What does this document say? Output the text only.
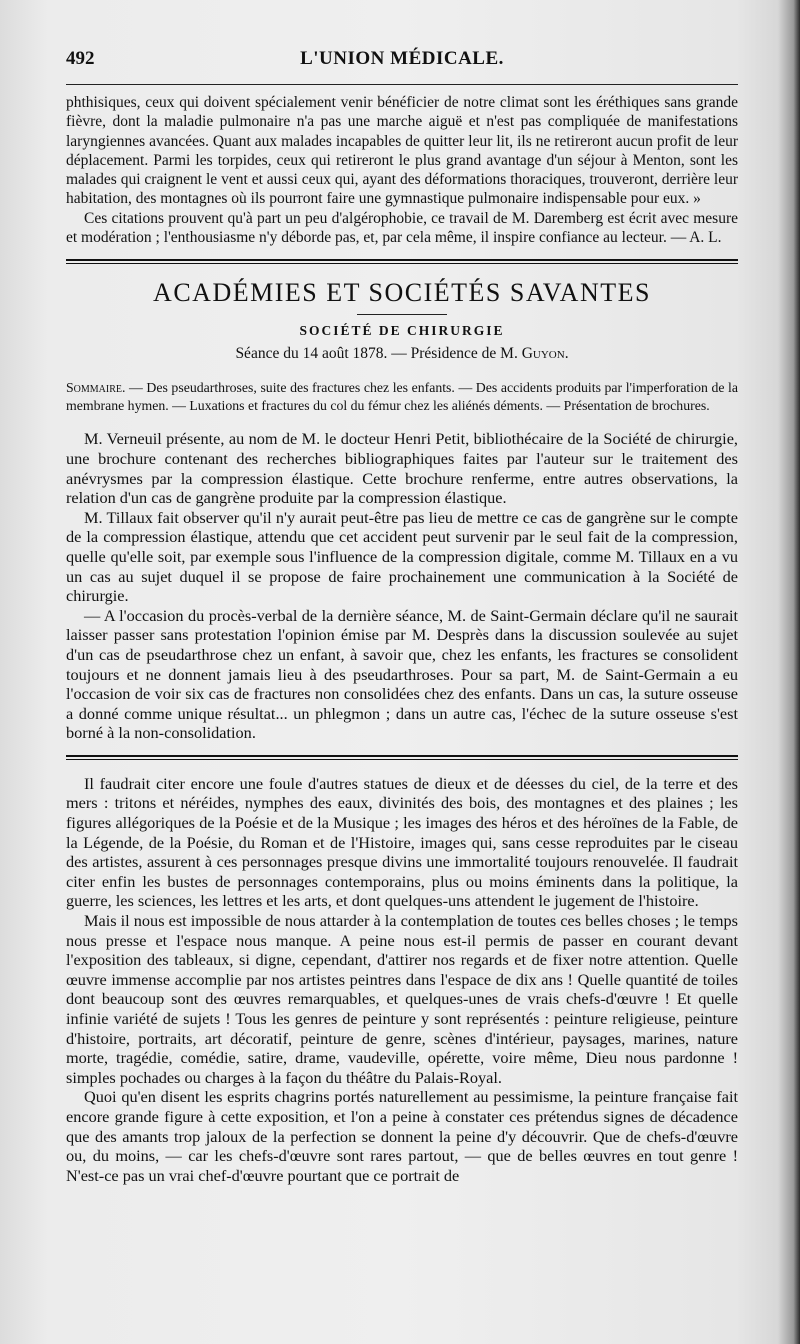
492	L'UNION MÉDICALE.

phthisiques, ceux qui doivent spécialement venir bénéficier de notre climat sont les éréthiques sans grande fièvre, dont la maladie pulmonaire n'a pas une marche aiguë et n'est pas compliquée de manifestations laryngiennes avancées. Quant aux malades incapables de quitter leur lit, ils ne retireront aucun profit de leur déplacement. Parmi les torpides, ceux qui retireront le plus grand avantage d'un séjour à Menton, sont les malades qui craignent le vent et aussi ceux qui, ayant des déformations thoraciques, trouveront, derrière leur habitation, des montagnes où ils pourront faire une gymnastique pulmonaire indispensable pour eux. »

Ces citations prouvent qu'à part un peu d'algérophobie, ce travail de M. Daremberg est écrit avec mesure et modération ; l'enthousiasme n'y déborde pas, et, par cela même, il inspire confiance au lecteur. — A. L.

ACADÉMIES ET SOCIÉTÉS SAVANTES
SOCIÉTÉ DE CHIRURGIE
Séance du 14 août 1878. — Présidence de M. Guyon.
Sommaire. — Des pseudarthroses, suite des fractures chez les enfants. — Des accidents produits par l'imperforation de la membrane hymen. — Luxations et fractures du col du fémur chez les aliénés déments. — Présentation de brochures.

M. Verneuil présente, au nom de M. le docteur Henri Petit, bibliothécaire de la Société de chirurgie, une brochure contenant des recherches bibliographiques faites par l'auteur sur le traitement des anévrysmes par la compression élastique. Cette brochure renferme, entre autres observations, la relation d'un cas de gangrène produite par la compression élastique.

M. Tillaux fait observer qu'il n'y aurait peut-être pas lieu de mettre ce cas de gangrène sur le compte de la compression élastique, attendu que cet accident peut survenir par le seul fait de la compression, quelle qu'elle soit, par exemple sous l'influence de la compression digitale, comme M. Tillaux en a vu un cas au sujet duquel il se propose de faire prochainement une communication à la Société de chirurgie.

— A l'occasion du procès-verbal de la dernière séance, M. de Saint-Germain déclare qu'il ne saurait laisser passer sans protestation l'opinion émise par M. Desprès dans la discussion soulevée au sujet d'un cas de pseudarthrose chez un enfant, à savoir que, chez les enfants, les fractures se consolident toujours et ne donnent jamais lieu à des pseudarthroses. Pour sa part, M. de Saint-Germain a eu l'occasion de voir six cas de fractures non consolidées chez des enfants. Dans un cas, la suture osseuse a donné comme unique résultat... un phlegmon ; dans un autre cas, l'échec de la suture osseuse s'est borné à la non-consolidation.

Il faudrait citer encore une foule d'autres statues de dieux et de déesses du ciel, de la terre et des mers : tritons et néréides, nymphes des eaux, divinités des bois, des montagnes et des plaines ; les figures allégoriques de la Poésie et de la Musique ; les images des héros et des héroïnes de la Fable, de la Légende, de la Poésie, du Roman et de l'Histoire, images qui, sans cesse reproduites par le ciseau des artistes, assurent à ces personnages presque divins une immortalité toujours renouvelée. Il faudrait citer enfin les bustes de personnages contemporains, plus ou moins éminents dans la politique, la guerre, les sciences, les lettres et les arts, et dont quelques-uns attendent le jugement de l'histoire.

Mais il nous est impossible de nous attarder à la contemplation de toutes ces belles choses ; le temps nous presse et l'espace nous manque. A peine nous est-il permis de passer en courant devant l'exposition des tableaux, si digne, cependant, d'attirer nos regards et de fixer notre attention. Quelle œuvre immense accomplie par nos artistes peintres dans l'espace de dix ans ! Quelle quantité de toiles dont beaucoup sont des œuvres remarquables, et quelques-unes de vrais chefs-d'œuvre ! Et quelle infinie variété de sujets ! Tous les genres de peinture y sont représentés : peinture religieuse, peinture d'histoire, portraits, art décoratif, peinture de genre, scènes d'intérieur, paysages, marines, nature morte, tragédie, comédie, satire, drame, vaudeville, opérette, voire même, Dieu nous pardonne ! simples pochades ou charges à la façon du théâtre du Palais-Royal.

Quoi qu'en disent les esprits chagrins portés naturellement au pessimisme, la peinture française fait encore grande figure à cette exposition, et l'on a peine à constater ces prétendus signes de décadence que des amants trop jaloux de la perfection se donnent la peine d'y découvrir. Que de chefs-d'œuvre ou, du moins, — car les chefs-d'œuvre sont rares partout, — que de belles œuvres en tout genre ! N'est-ce pas un vrai chef-d'œuvre pourtant que ce portrait de
